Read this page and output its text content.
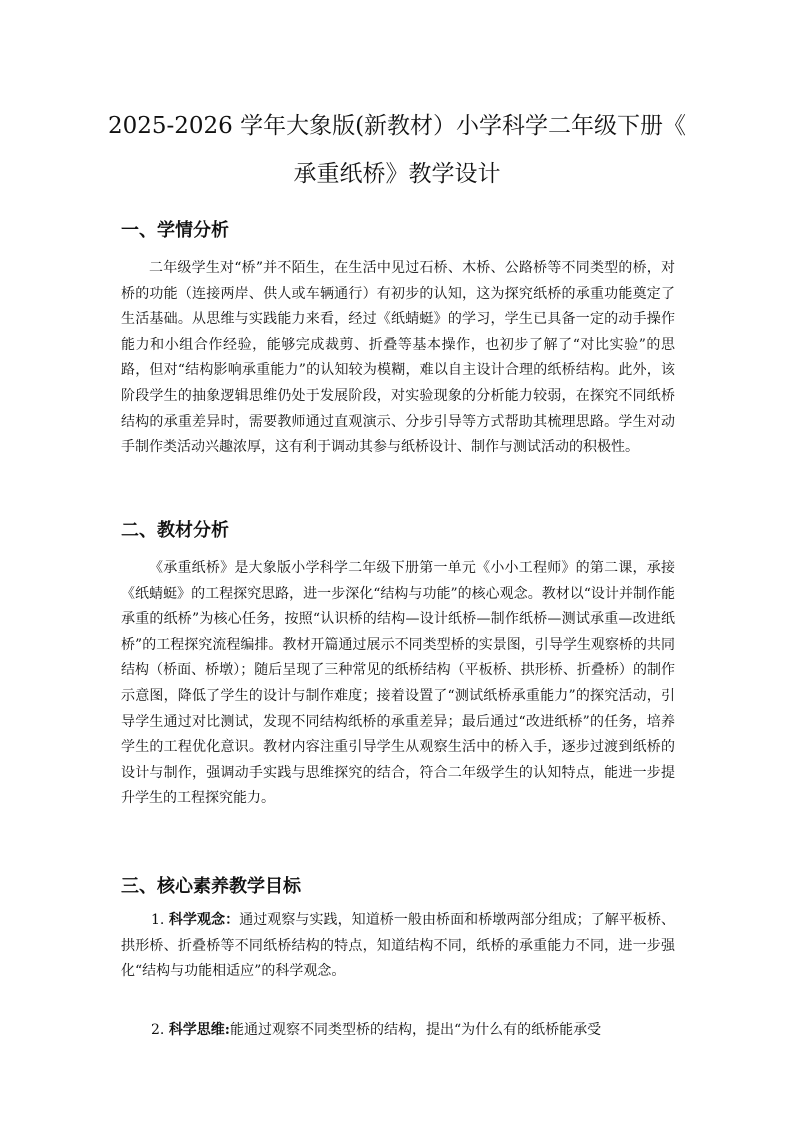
2025-2026 学年大象版(新教材）小学科学二年级下册《
承重纸桥》教学设计
一、学情分析

二年级学生对“桥”并不陌生，在生活中见过石桥、木桥、公路桥等不同类型的桥，对桥的功能（连接两岸、供人或车辆通行）有初步的认知，这为探究纸桥的承重功能奠定了生活基础。从思维与实践能力来看，经过《纸蜻蜓》的学习，学生已具备一定的动手操作能力和小组合作经验，能够完成裁剪、折叠等基本操作，也初步了解了“对比实验”的思路，但对“结构影响承重能力”的认知较为模糊，难以自主设计合理的纸桥结构。此外，该阶段学生的抽象逻辑思维仍处于发展阶段，对实验现象的分析能力较弱，在探究不同纸桥结构的承重差异时，需要教师通过直观演示、分步引导等方式帮助其梳理思路。学生对动手制作类活动兴趣浓厚，这有利于调动其参与纸桥设计、制作与测试活动的积极性。

二、教材分析

《承重纸桥》是大象版小学科学二年级下册第一单元《小小工程师》的第二课，承接《纸蜻蜓》的工程探究思路，进一步深化“结构与功能”的核心观念。教材以“设计并制作能承重的纸桥”为核心任务，按照“认识桥的结构—设计纸桥—制作纸桥—测试承重—改进纸桥”的工程探究流程编排。教材开篇通过展示不同类型桥的实景图，引导学生观察桥的共同结构（桥面、桥墩）；随后呈现了三种常见的纸桥结构（平板桥、拱形桥、折叠桥）的制作示意图，降低了学生的设计与制作难度；接着设置了“测试纸桥承重能力”的探究活动，引导学生通过对比测试，发现不同结构纸桥的承重差异；最后通过“改进纸桥”的任务，培养学生的工程优化意识。教材内容注重引导学生从观察生活中的桥入手，逐步过渡到纸桥的设计与制作，强调动手实践与思维探究的结合，符合二年级学生的认知特点，能进一步提升学生的工程探究能力。

三、核心素养教学目标

1. 科学观念：通过观察与实践，知道桥一般由桥面和桥墩两部分组成；了解平板桥、拱形桥、折叠桥等不同纸桥结构的特点，知道结构不同，纸桥的承重能力不同，进一步强化“结构与功能相适应”的科学观念。

2. 科学思维:能通过观察不同类型桥的结构，提出“为什么有的纸桥能承受
